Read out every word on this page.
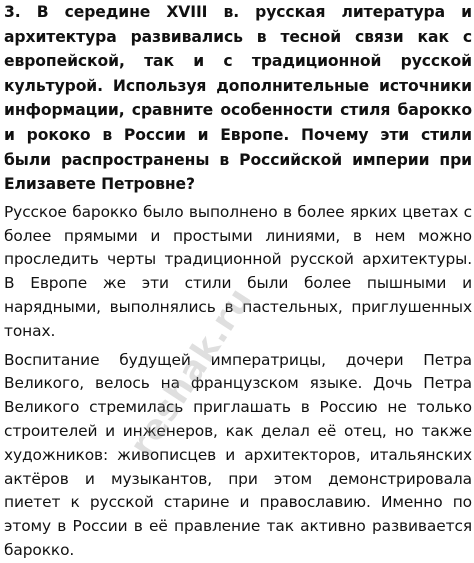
3. В середине XVIII в. русская литература и архитектура развивались в тесной связи как с европейской, так и с традиционной русской культурой. Используя дополнительные источники информации, сравните особенности стиля барокко и рококо в России и Европе. Почему эти стили были распространены в Российской империи при Елизавете Петровне?

Русское барокко было выполнено в более ярких цветах с более прямыми и простыми линиями, в нем можно проследить черты традиционной русской архитектуры. В Европе же эти стили были более пышными и нарядными, выполнялись в пастельных, приглушенных тонах.

Воспитание будущей императрицы, дочери Петра Великого, велось на французском языке. Дочь Петра Великого стремилась приглашать в Россию не только строителей и инженеров, как делал её отец, но также художников: живописцев и архитекторов, итальянских актёров и музыкантов, при этом демонстрировала пиетет к русской старине и православию. Именно по этому в России в её правление так активно развивается барокко.

reshak.ru
